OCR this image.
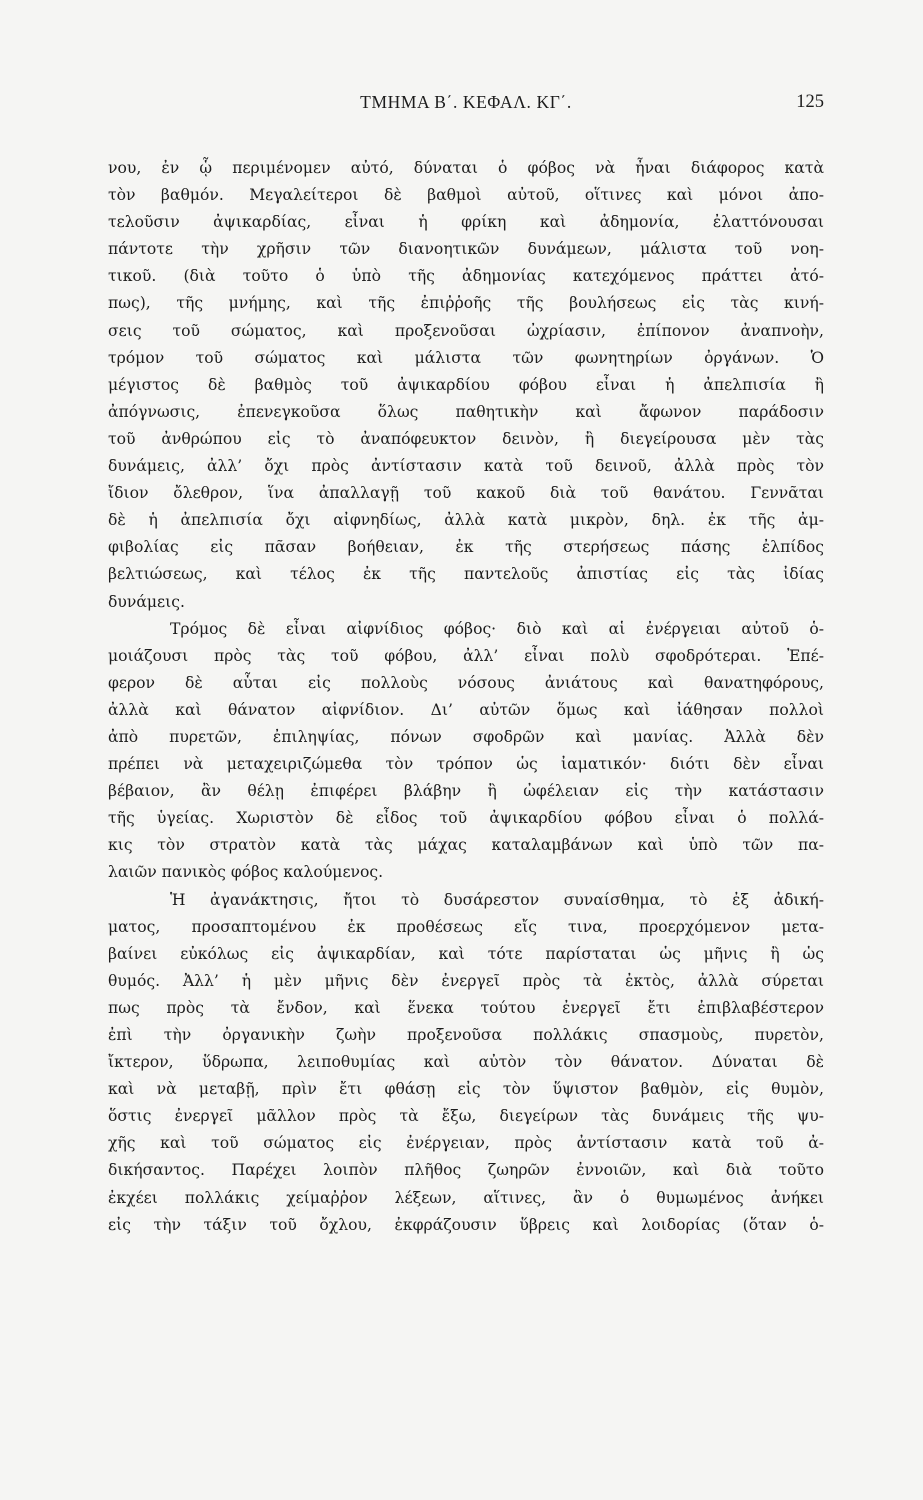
ΤΜΗΜΑ Β΄. ΚΕΦΑΛ. ΚΓ΄.	125
νου, ἐν ᾧ περιμένομεν αὐτό, δύναται ὁ φόβος νὰ ἦναι διάφορος κατὰ
τὸν βαθμόν. Μεγαλείτεροι δὲ βαθμοὶ αὐτοῦ, οἵτινες καὶ μόνοι ἀπο-
τελοῦσιν ἀψικαρδίας, εἶναι ἡ φρίκη καὶ ἀδημονία, ἐλαττόνουσαι
πάντοτε τὴν χρῆσιν τῶν διανοητικῶν δυνάμεων, μάλιστα τοῦ νοη-
τικοῦ. (διὰ τοῦτο ὁ ὑπὸ τῆς ἀδημονίας κατεχόμενος πράττει ἀτό-
πως), τῆς μνήμης, καὶ τῆς ἐπιῤῥοῆς τῆς βουλήσεως εἰς τὰς κινή-
σεις τοῦ σώματος, καὶ προξενοῦσαι ὠχρίασιν, ἐπίπονον ἀναπνοὴν,
τρόμον τοῦ σώματος καὶ μάλιστα τῶν φωνητηρίων ὀργάνων. Ὁ
μέγιστος δὲ βαθμὸς τοῦ ἀψικαρδίου φόβου εἶναι ἡ ἀπελπισία ἢ
ἀπόγνωσις, ἐπενεγκοῦσα ὅλως παθητικὴν καὶ ἄφωνον παράδοσιν
τοῦ ἀνθρώπου εἰς τὸ ἀναπόφευκτον δεινὸν, ἢ διεγείρουσα μὲν τὰς
δυνάμεις, ἀλλ’ ὄχι πρὸς ἀντίστασιν κατὰ τοῦ δεινοῦ, ἀλλὰ πρὸς τὸν
ἴδιον ὄλεθρον, ἵνα ἀπαλλαγῇ τοῦ κακοῦ διὰ τοῦ θανάτου. Γεννᾶται
δὲ ἡ ἀπελπισία ὄχι αἰφνηδίως, ἀλλὰ κατὰ μικρὸν, δηλ. ἐκ τῆς ἀμ-
φιβολίας εἰς πᾶσαν βοήθειαν, ἐκ τῆς στερήσεως πάσης ἐλπίδος
βελτιώσεως, καὶ τέλος ἐκ τῆς παντελοῦς ἀπιστίας εἰς τὰς ἰδίας
δυνάμεις.
Τρόμος δὲ εἶναι αἰφνίδιος φόβος· διὸ καὶ αἱ ἐνέργειαι αὐτοῦ ὁ-
μοιάζουσι πρὸς τὰς τοῦ φόβου, ἀλλ’ εἶναι πολὺ σφοδρότεραι. Ἐπέ-
φερον δὲ αὗται εἰς πολλοὺς νόσους ἀνιάτους καὶ θανατηφόρους,
ἀλλὰ καὶ θάνατον αἰφνίδιον. Δι’ αὐτῶν ὅμως καὶ ἰάθησαν πολλοὶ
ἀπὸ πυρετῶν, ἐπιληψίας, πόνων σφοδρῶν καὶ μανίας. Ἀλλὰ δὲν
πρέπει νὰ μεταχειριζώμεθα τὸν τρόπον ὡς ἰαματικόν· διότι δὲν εἶναι
βέβαιον, ἂν θέλῃ ἐπιφέρει βλάβην ἢ ὠφέλειαν εἰς τὴν κατάστασιν
τῆς ὑγείας. Χωριστὸν δὲ εἶδος τοῦ ἀψικαρδίου φόβου εἶναι ὁ πολλά-
κις τὸν στρατὸν κατὰ τὰς μάχας καταλαμβάνων καὶ ὑπὸ τῶν πα-
λαιῶν πανικὸς φόβος καλούμενος.
Ἡ ἀγανάκτησις, ἤτοι τὸ δυσάρεστον συναίσθημα, τὸ ἐξ ἀδική-
ματος, προσαπτομένου ἐκ προθέσεως εἴς τινα, προερχόμενον μετα-
βαίνει εὐκόλως εἰς ἀψικαρδίαν, καὶ τότε παρίσταται ὡς μῆνις ἢ ὡς
θυμός. Ἀλλ’ ἡ μὲν μῆνις δὲν ἐνεργεῖ πρὸς τὰ ἐκτὸς, ἀλλὰ σύρεται
πως πρὸς τὰ ἔνδον, καὶ ἕνεκα τούτου ἐνεργεῖ ἔτι ἐπιβλαβέστερον
ἐπὶ τὴν ὀργανικὴν ζωὴν προξενοῦσα πολλάκις σπασμοὺς, πυρετὸν,
ἴκτερον, ὕδρωπα, λειποθυμίας καὶ αὐτὸν τὸν θάνατον. Δύναται δὲ
καὶ νὰ μεταβῇ, πρὶν ἔτι φθάσῃ εἰς τὸν ὕψιστον βαθμὸν, εἰς θυμὸν,
ὅστις ἐνεργεῖ μᾶλλον πρὸς τὰ ἔξω, διεγείρων τὰς δυνάμεις τῆς ψυ-
χῆς καὶ τοῦ σώματος εἰς ἐνέργειαν, πρὸς ἀντίστασιν κατὰ τοῦ ἀ-
δικήσαντος. Παρέχει λοιπὸν πλῆθος ζωηρῶν ἐννοιῶν, καὶ διὰ τοῦτο
ἐκχέει πολλάκις χείμαῤῥον λέξεων, αἵτινες, ἂν ὁ θυμωμένος ἀνήκει
εἰς τὴν τάξιν τοῦ ὄχλου, ἐκφράζουσιν ὕβρεις καὶ λοιδορίας (ὅταν ὁ-
